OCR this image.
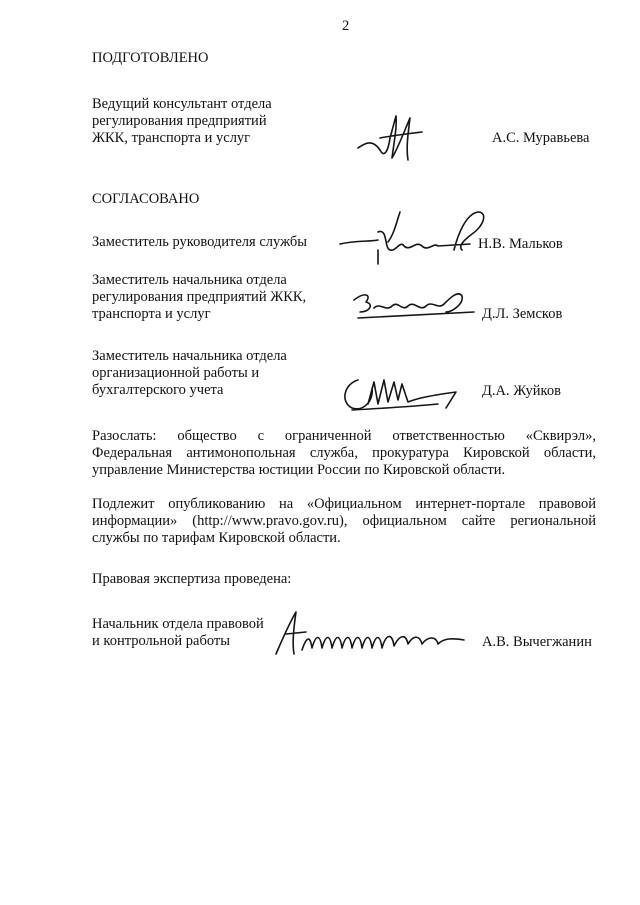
2
ПОДГОТОВЛЕНО
Ведущий консультант отдела
регулирования предприятий
ЖКК, транспорта и услуг	А.С. Муравьева
СОГЛАСОВАНО
Заместитель руководителя службы	Н.В. Мальков
Заместитель начальника отдела
регулирования предприятий ЖКК,
транспорта и услуг	Д.Л. Земсков
Заместитель начальника отдела
организационной работы и
бухгалтерского учета	Д.А. Жуйков
Разослать: общество с ограниченной ответственностью «Сквирэл»,
Федеральная антимонопольная служба, прокуратура Кировской области,
управление Министерства юстиции России по Кировской области.
Подлежит опубликованию на «Официальном интернет-портале правовой
информации» (http://www.pravo.gov.ru), официальном сайте региональной
службы по тарифам Кировской области.
Правовая экспертиза проведена:
Начальник отдела правовой
и контрольной работы	А.В. Вычегжанин
